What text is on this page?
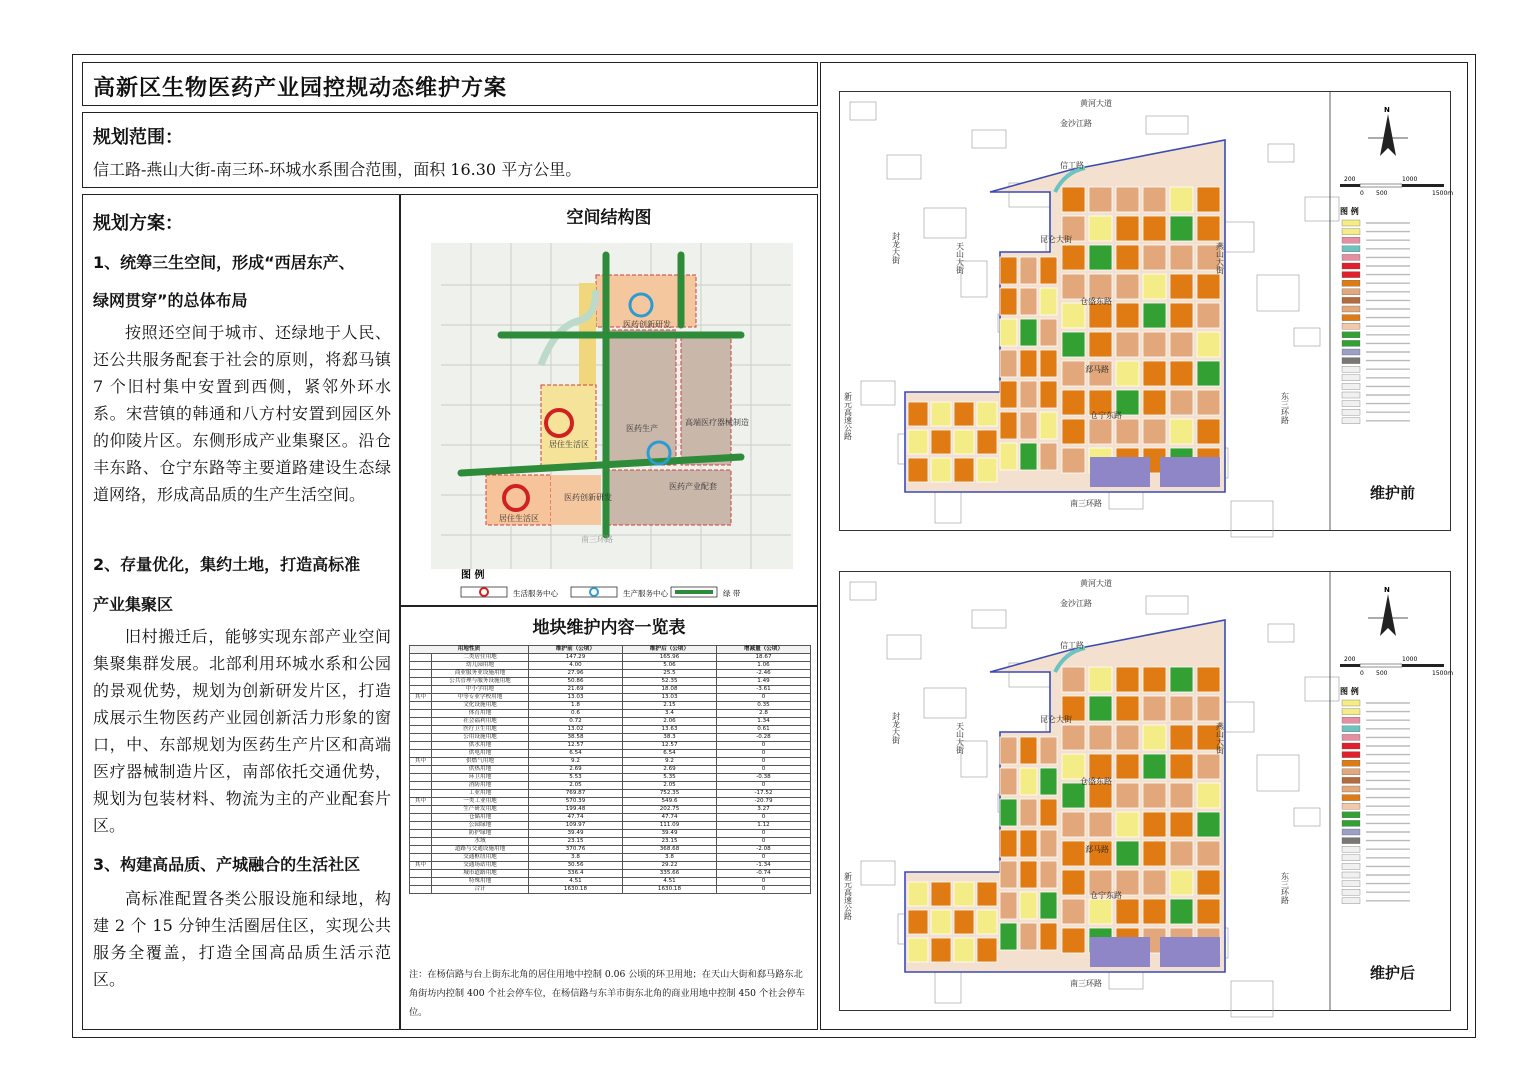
高新区生物医药产业园控规动态维护方案
规划范围：
信工路-燕山大街-南三环-环城水系围合范围，面积 16.30 平方公里。
规划方案：
1、统筹三生空间，形成“西居东产、
绿网贯穿”的总体布局
按照还空间于城市、还绿地于人民、还公共服务配套于社会的原则，将郄马镇 7 个旧村集中安置到西侧，紧邻外环水系。宋营镇的韩通和八方村安置到园区外的仰陵片区。东侧形成产业集聚区。沿仓丰东路、仓宁东路等主要道路建设生态绿道网络，形成高品质的生产生活空间。
2、存量优化，集约土地，打造高标准
产业集聚区
旧村搬迁后，能够实现东部产业空间集聚集群发展。北部利用环城水系和公园的景观优势，规划为创新研发片区，打造成展示生物医药产业园创新活力形象的窗口，中、东部规划为医药生产片区和高端医疗器械制造片区，南部依托交通优势，规划为包装材料、物流为主的产业配套片区。
3、构建高品质、产城融合的生活社区
高标准配置各类公服设施和绿地，构建 2 个 15 分钟生活圈居住区，实现公共服务全覆盖，打造全国高品质生活示范区。
空间结构图
医药创新研发
居住生活区
医药生产
高端医疗器械制造
医药创新研发
医药产业配套
居住生活区
南三环路
图 例
生活服务中心	生产服务中心	绿 带
地块维护内容一览表
用地性质		维护前（公顷）	维护后（公顷）	增减量（公顷）
	二类居住用地	147.29	165.96	18.67
	幼儿园用地	4.00	5.06	1.06
	商业服务业设施用地	27.96	25.5	-2.46
	公共管理与服务设施用地	50.86	52.35	1.49
	中小学用地	21.69	18.08	-3.61
其中	中等专业学校用地	13.03	13.03	0
	文化设施用地	1.8	2.15	0.35
	体育用地	0.6	3.4	2.8
	社会福利用地	0.72	2.06	1.34
	医疗卫生用地	13.02	13.63	0.61
	公用设施用地	38.58	38.3	-0.28
	供水用地	12.57	12.57	0
	供电用地	6.54	6.54	0
其中	供燃气用地	9.2	9.2	0
	供热用地	2.69	2.69	0
	环卫用地	5.53	5.35	-0.38
	消防用地	2.05	2.05	0
	工业用地	769.87	752.35	-17.52
其中	一类工业用地	570.39	549.6	-20.79
	生产研发用地	199.48	202.75	3.27
	仓储用地	47.74	47.74	0
	公园绿地	109.97	111.09	1.12
	防护绿地	39.49	39.49	0
	水域	23.15	23.15	0
	道路与交通设施用地	370.76	368.68	-2.08
	交通枢纽用地	3.8	3.8	0
其中	交通场站用地	30.56	29.22	-1.34
	城市道路用地	336.4	335.66	-0.74
	特殊用地	4.51	4.51	0
	合计	1630.18	1630.18	0
注：在杨信路与台上街东北角的居住用地中控制 0.06 公顷的环卫用地；在天山大街和郄马路东北角街坊内控制 400 个社会停车位，在杨信路与东羊市街东北角的商业用地中控制 450 个社会停车位。
N
200
0 500
1000
1500m
图 例
金沙江路
信工路
封龙大街	天山大街
昆仑大街
燕山大街
仓盛东路
郄马路
仓宁东路
南三环路
新元高速公路	东三环路
黄河大道
维护前
N
200
0 500
1000
1500m
图 例
金沙江路
信工路
封龙大街	天山大街
昆仑大街
燕山大街
仓盛东路
郄马路
仓宁东路
南三环路
新元高速公路	东三环路
黄河大道
维护后
